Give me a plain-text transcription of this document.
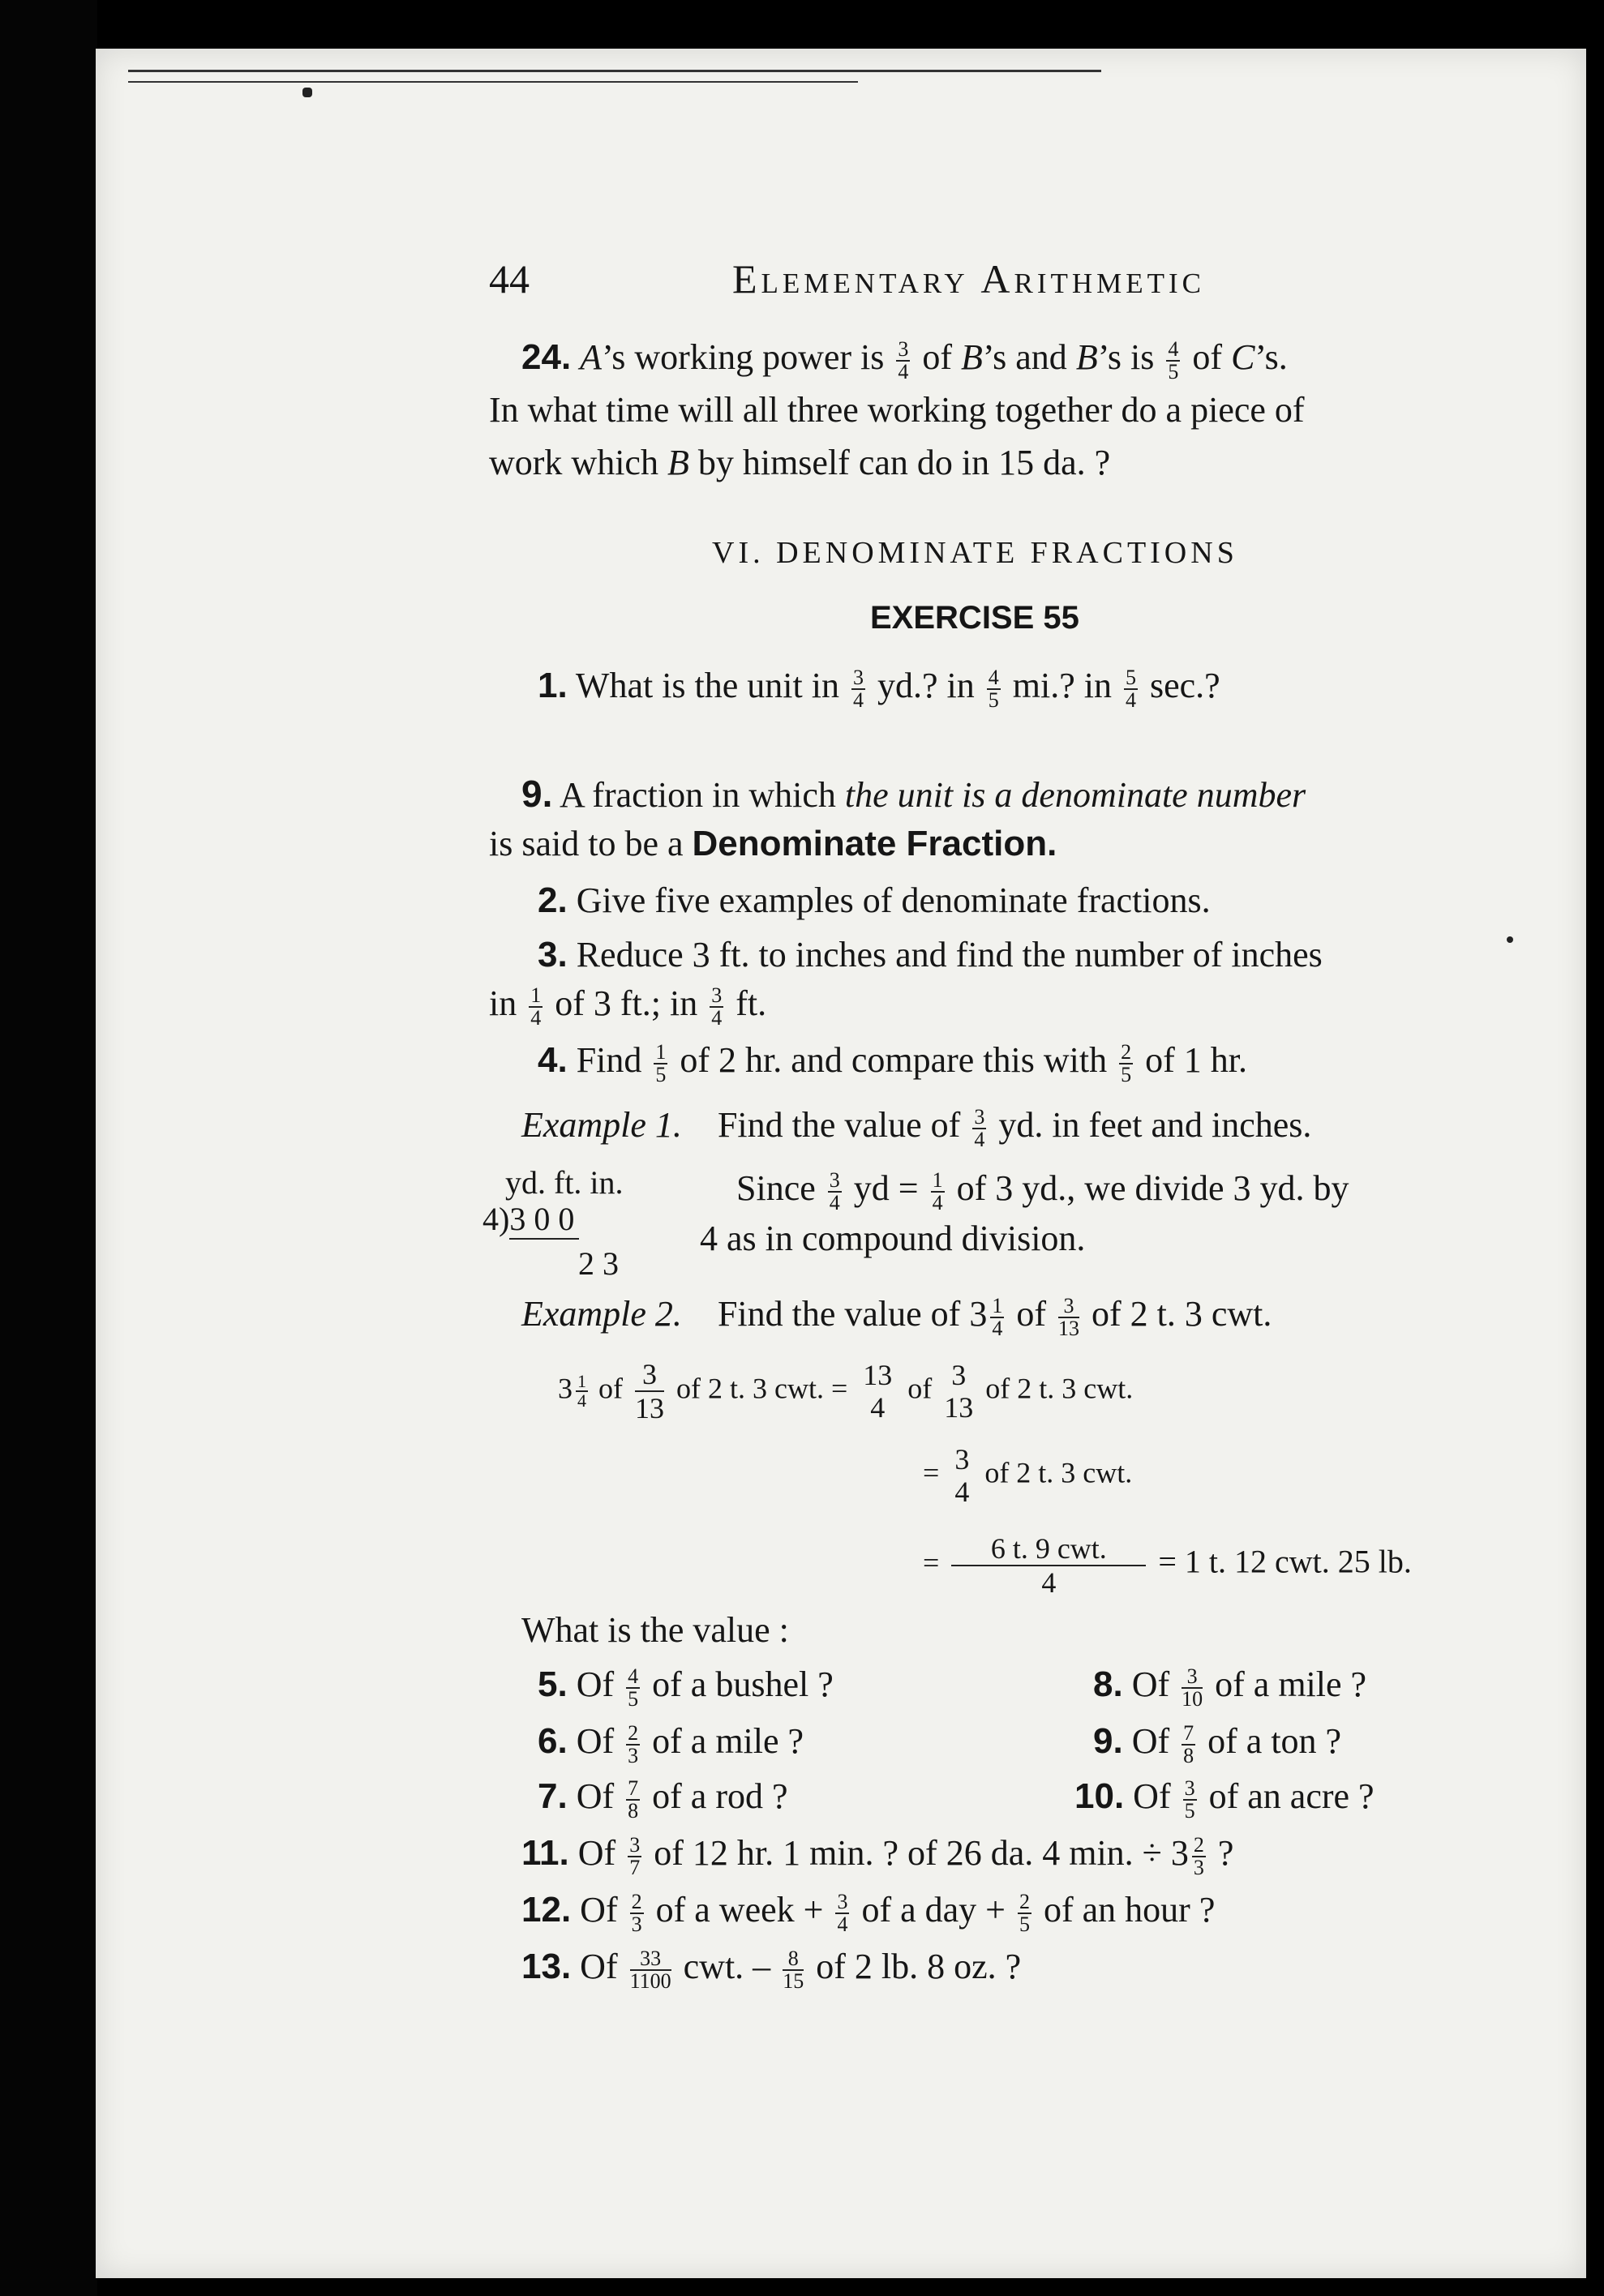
44	Elementary Arithmetic
24. A’s working power is $\frac{3}{4}$ of B’s and B’s is $\frac{4}{5}$ of C’s.
In what time will all three working together do a piece of
work which B by himself can do in 15 da. ?
VI. DENOMINATE FRACTIONS
EXERCISE 55
1. What is the unit in $\frac{3}{4}$ yd.? in $\frac{4}{5}$ mi.? in $\frac{5}{4} \sec$.?
9. A fraction in which the unit is a denominate number
is said to be a Denominate Fraction.
2. Give five examples of denominate fractions.
3. Reduce 3 ft. to inches and find the number of inches
in $\frac{1}{4}$ of 3 ft.; in $\frac{3}{4}$ ft.
4. Find $\frac{1}{5}$ of 2 hr. and compare this with $\frac{2}{5}$ of 1 hr.
Example 1. Find the value of $\frac{3}{4}$ yd. in feet and inches.
yd. ft. in.
4)3 0 0
2 3
Since $\frac{3}{4}$ yd = $\frac{1}{4}$ of 3 yd., we divide 3 yd. by
4 as in compound division.
Example 2. Find the value of $3 \frac{1}{4}$ of $\frac{3}{13}$ of 2 t. 3 cwt.
$3 \frac{1}{4}$ of $\frac{3}{13}$ of 2 t. 3 cwt. = 13
4
of 3
13
of 2 t. 3 cwt.
= 3
4
of 2 t. 3 cwt.
= $\frac{\text{6 t. 9 cwt.}}{4} = 1$ t. 12 cwt. 25 lb.
What is the value :
5. Of $\frac{4}{5}$ of a bushel ?	8. Of $\frac{3}{10}$ of a mile ?
6. Of $\frac{2}{3}$ of a mile ?	9. Of $\frac{7}{8}$ of a ton ?
7. Of $\frac{7}{8}$ of a rod ?	10. Of $\frac{3}{5}$ of an acre ?
11. Of $\frac{3}{7}$ of 12 hr. 1 min. ? of 26 da. 4 min. ÷ $3 \frac{2}{3}$ ?
12. Of $\frac{2}{3}$ of a week + $\frac{3}{4}$ of a day + $\frac{2}{5}$ of an hour ?
13. Of $\frac{33}{1100}$ cwt. – $\frac{8}{15}$ of 2 lb. 8 oz. ?
